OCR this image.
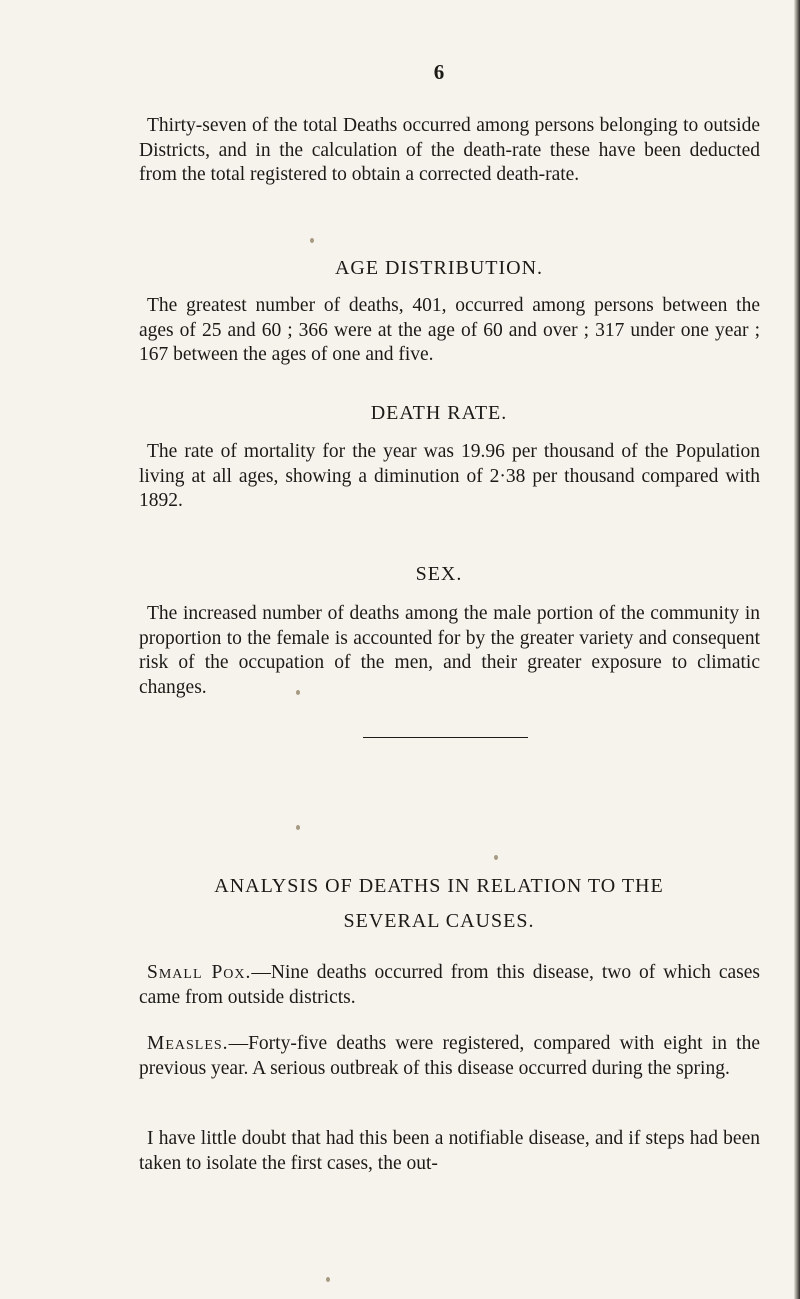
6

Thirty-seven of the total Deaths occurred among persons belonging to outside Districts, and in the calculation of the death-rate these have been deducted from the total registered to obtain a corrected death-rate.

AGE DISTRIBUTION.

The greatest number of deaths, 401, occurred among persons between the ages of 25 and 60 ; 366 were at the age of 60 and over ; 317 under one year ; 167 between the ages of one and five.

DEATH RATE.

The rate of mortality for the year was 19.96 per thousand of the Population living at all ages, showing a diminution of 2·38 per thousand compared with 1892.

SEX.

The increased number of deaths among the male portion of the community in proportion to the female is accounted for by the greater variety and consequent risk of the occupation of the men, and their greater exposure to climatic changes.

ANALYSIS OF DEATHS IN RELATION TO THE
SEVERAL CAUSES.

Small Pox.—Nine deaths occurred from this disease, two of which cases came from outside districts.

Measles.—Forty-five deaths were registered, compared with eight in the previous year. A serious outbreak of this disease occurred during the spring.

I have little doubt that had this been a notifiable disease, and if steps had been taken to isolate the first cases, the out-
